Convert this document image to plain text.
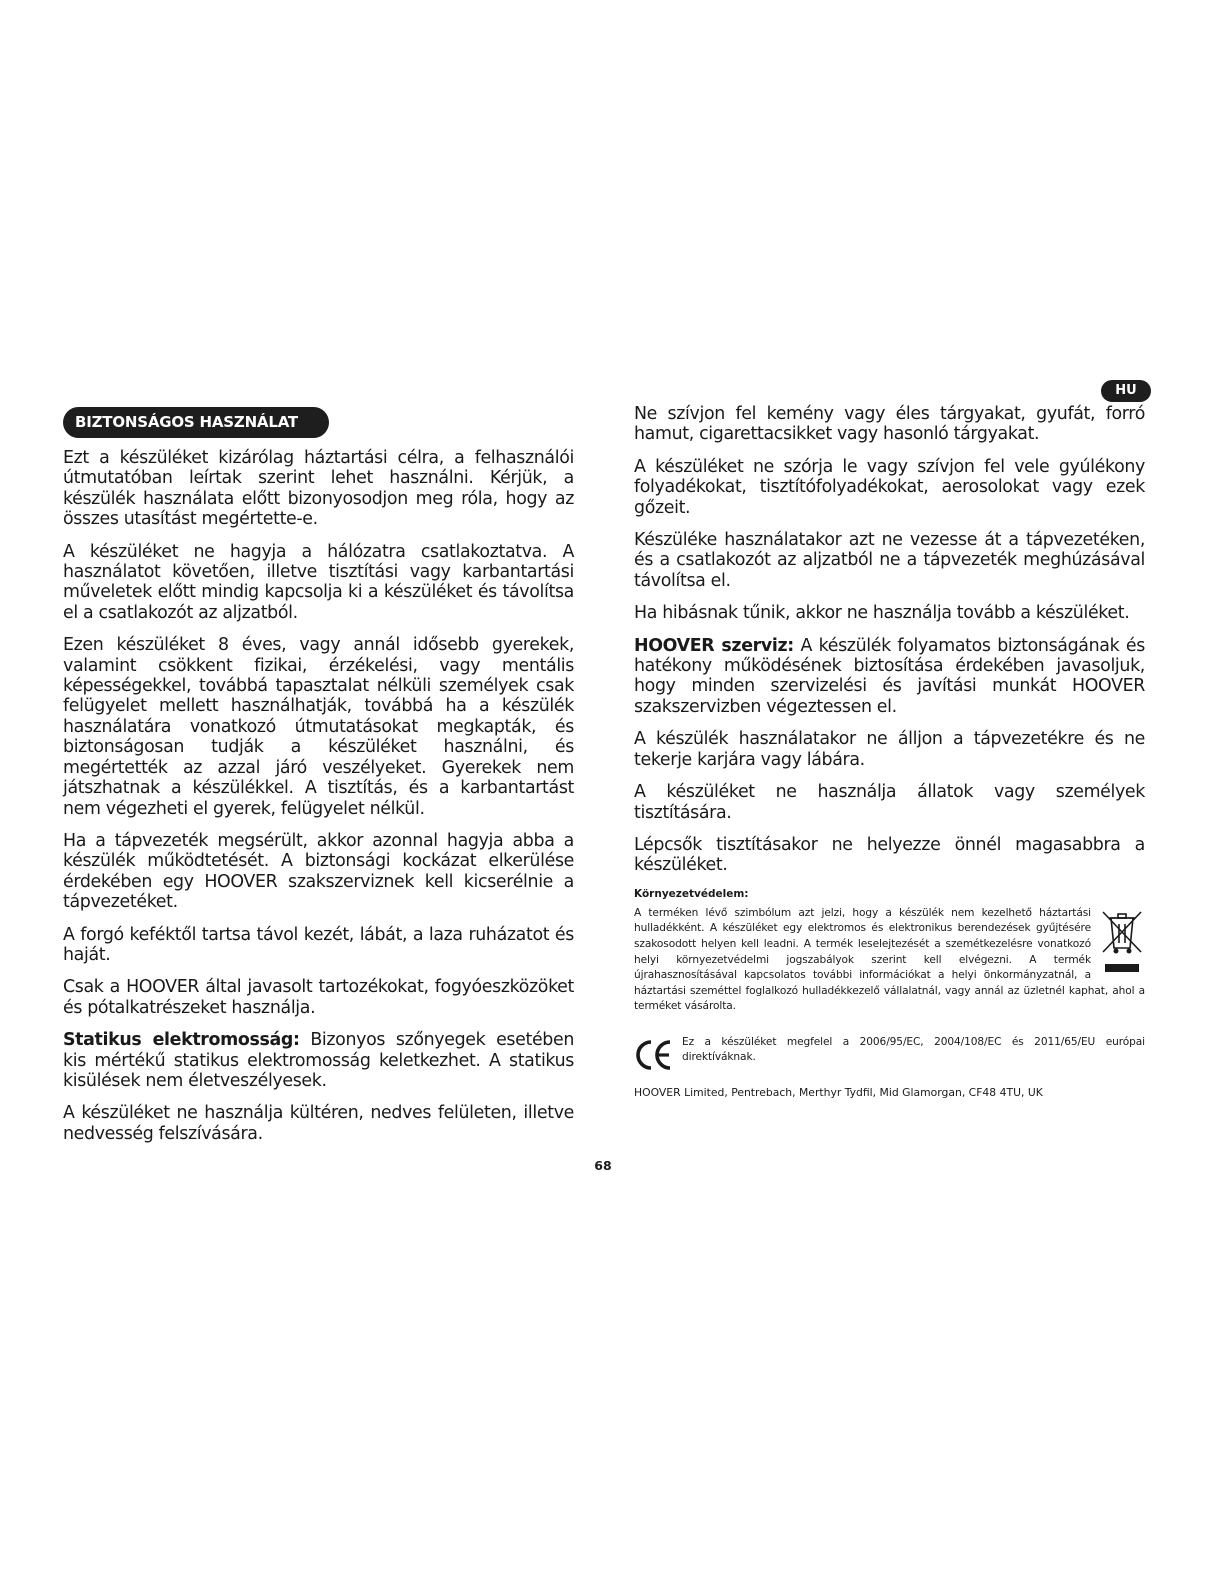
HU
BIZTONSÁGOS HASZNÁLAT

Ezt a készüléket kizárólag háztartási célra, a felhasználói útmutatóban leírtak szerint lehet használni. Kérjük, a készülék használata előtt bizonyosodjon meg róla, hogy az összes utasítást megértette-e.

A készüléket ne hagyja a hálózatra csatlakoztatva. A használatot követően, illetve tisztítási vagy karbantartási műveletek előtt mindig kapcsolja ki a készüléket és távolítsa el a csatlakozót az aljzatból.

Ezen készüléket 8 éves, vagy annál idősebb gyerekek, valamint csökkent fizikai, érzékelési, vagy mentális képességekkel, továbbá tapasztalat nélküli személyek csak felügyelet mellett használhatják, továbbá ha a készülék használatára vonatkozó útmutatásokat megkapták, és biztonságosan tudják a készüléket használni, és megértették az azzal járó veszélyeket. Gyerekek nem játszhatnak a készülékkel. A tisztítás, és a karbantartást nem végezheti el gyerek, felügyelet nélkül.

Ha a tápvezeték megsérült, akkor azonnal hagyja abba a készülék működtetését. A biztonsági kockázat elkerülése érdekében egy HOOVER szakszerviznek kell kicserélnie a tápvezetéket.

A forgó keféktől tartsa távol kezét, lábát, a laza ruházatot és haját.

Csak a HOOVER által javasolt tartozékokat, fogyóeszközöket és pótalkatrészeket használja.

Statikus elektromosság: Bizonyos szőnyegek esetében kis mértékű statikus elektromosság keletkezhet. A statikus kisülések nem életveszélyesek.

A készüléket ne használja kültéren, nedves felületen, illetve nedvesség felszívására.

Ne szívjon fel kemény vagy éles tárgyakat, gyufát, forró hamut, cigarettacsikket vagy hasonló tárgyakat.

A készüléket ne szórja le vagy szívjon fel vele gyúlékony folyadékokat, tisztítófolyadékokat, aerosolokat vagy ezek gőzeit.

Készüléke használatakor azt ne vezesse át a tápvezetéken, és a csatlakozót az aljzatból ne a tápvezeték meghúzásával távolítsa el.

Ha hibásnak tűnik, akkor ne használja tovább a készüléket.

HOOVER szerviz: A készülék folyamatos biztonságának és hatékony működésének biztosítása érdekében javasoljuk, hogy minden szervizelési és javítási munkát HOOVER szakszervizben végeztessen el.

A készülék használatakor ne álljon a tápvezetékre és ne tekerje karjára vagy lábára.

A készüléket ne használja állatok vagy személyek tisztítására.

Lépcsők tisztításakor ne helyezze önnél magasabbra a készüléket.

Környezetvédelem:

A terméken lévő szimbólum azt jelzi, hogy a készülék nem kezelhető háztartási hulladékként. A készüléket egy elektromos és elektronikus berendezések gyűjtésére szakosodott helyen kell leadni. A termék leselejtezését a szemétkezelésre vonatkozó helyi környezetvédelmi jogszabályok szerint kell elvégezni. A termék újrahasznosításával kapcsolatos további információkat a helyi önkormányzatnál, a háztartási szeméttel foglalkozó hulladékkezelő vállalatnál, vagy annál az üzletnél kaphat, ahol a terméket vásárolta.

Ez a készüléket megfelel a 2006/95/EC, 2004/108/EC és 2011/65/EU európai direktíváknak.

HOOVER Limited, Pentrebach, Merthyr Tydfil, Mid Glamorgan, CF48 4TU, UK
68
